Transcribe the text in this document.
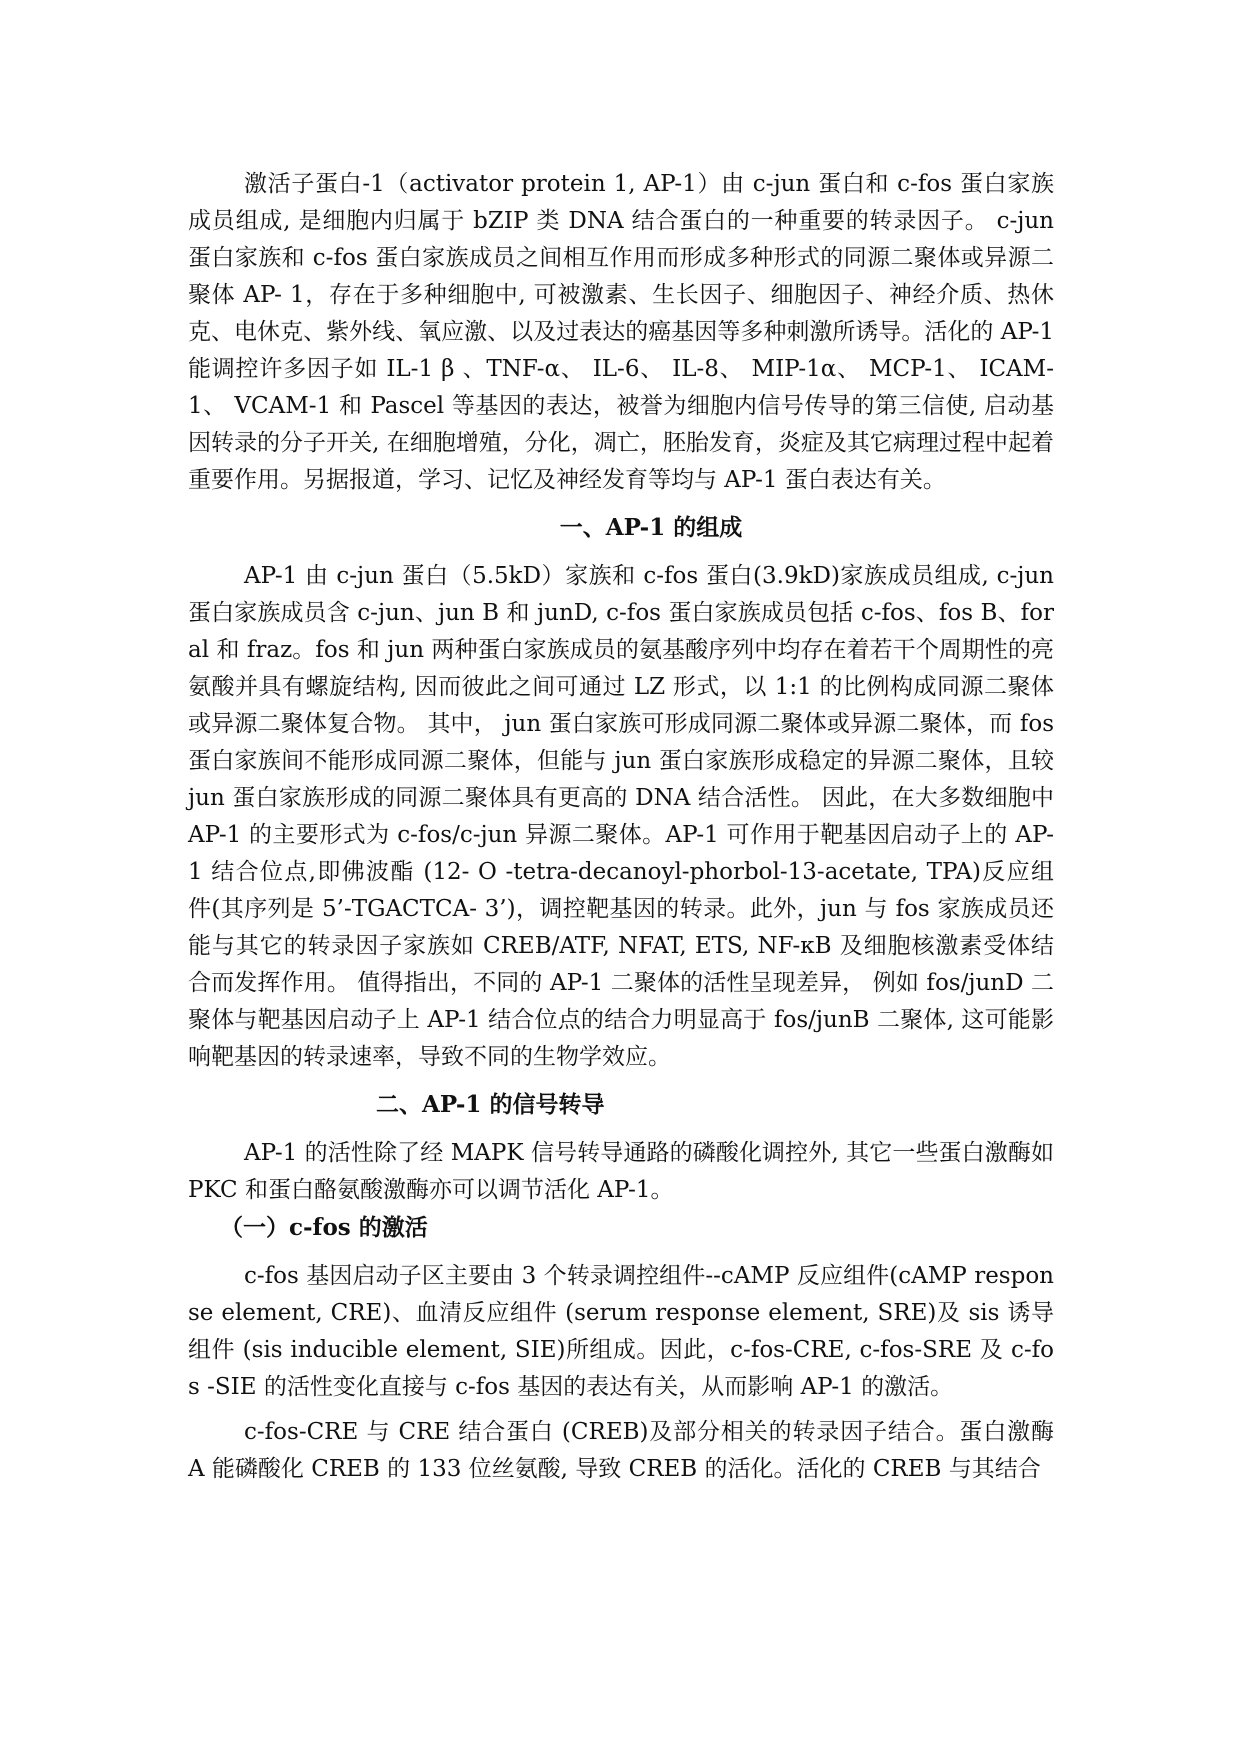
激活子蛋白-1（activator protein 1, AP-1）由 c-jun 蛋白和 c-fos 蛋白家族成员组成, 是细胞内归属于 bZIP 类 DNA 结合蛋白的一种重要的转录因子。 c-jun 蛋白家族和 c-fos 蛋白家族成员之间相互作用而形成多种形式的同源二聚体或异源二聚体 AP- 1，存在于多种细胞中, 可被激素、生长因子、细胞因子、神经介质、热休克、电休克、紫外线、氧应激、以及过表达的癌基因等多种刺激所诱导。活化的 AP-1 能调控许多因子如 IL-1 β 、TNF-α、 IL-6、 IL-8、 MIP-1α、 MCP-1、 ICAM-1、 VCAM-1 和 Pascel 等基因的表达，被誉为细胞内信号传导的第三信使, 启动基因转录的分子开关, 在细胞增殖，分化，凋亡，胚胎发育，炎症及其它病理过程中起着重要作用。另据报道，学习、记忆及神经发育等均与 AP-1 蛋白表达有关。

一、AP-1 的组成

AP-1 由 c-jun 蛋白（5.5kD）家族和 c-fos 蛋白(3.9kD)家族成员组成, c-jun 蛋白家族成员含 c-jun、jun B 和 junD, c-fos 蛋白家族成员包括 c-fos、fos B、foral 和 fraz。fos 和 jun 两种蛋白家族成员的氨基酸序列中均存在着若干个周期性的亮氨酸并具有螺旋结构, 因而彼此之间可通过 LZ 形式，以 1:1 的比例构成同源二聚体或异源二聚体复合物。 其中， jun 蛋白家族可形成同源二聚体或异源二聚体，而 fos 蛋白家族间不能形成同源二聚体，但能与 jun 蛋白家族形成稳定的异源二聚体，且较 jun 蛋白家族形成的同源二聚体具有更高的 DNA 结合活性。 因此，在大多数细胞中 AP-1 的主要形式为 c-fos/c-jun 异源二聚体。AP-1 可作用于靶基因启动子上的 AP-1 结合位点,即佛波酯 (12- O -tetra-decanoyl-phorbol-13-acetate, TPA)反应组件(其序列是 5’-TGACTCA- 3’)，调控靶基因的转录。此外，jun 与 fos 家族成员还能与其它的转录因子家族如 CREB/ATF, NFAT, ETS, NF-κB 及细胞核激素受体结合而发挥作用。 值得指出，不同的 AP-1 二聚体的活性呈现差异， 例如 fos/junD 二聚体与靶基因启动子上 AP-1 结合位点的结合力明显高于 fos/junB 二聚体, 这可能影响靶基因的转录速率，导致不同的生物学效应。

二、AP-1 的信号转导

AP-1 的活性除了经 MAPK 信号转导通路的磷酸化调控外, 其它一些蛋白激酶如 PKC 和蛋白酪氨酸激酶亦可以调节活化 AP-1。

（一）c-fos 的激活

c-fos 基因启动子区主要由 3 个转录调控组件--cAMP 反应组件(cAMP response element, CRE)、血清反应组件 (serum response element, SRE)及 sis 诱导组件 (sis inducible element, SIE)所组成。因此，c-fos-CRE, c-fos-SRE 及 c-fos -SIE 的活性变化直接与 c-fos 基因的表达有关，从而影响 AP-1 的激活。

c-fos-CRE 与 CRE 结合蛋白 (CREB)及部分相关的转录因子结合。蛋白激酶 A 能磷酸化 CREB 的 133 位丝氨酸, 导致 CREB 的活化。活化的 CREB 与其结合
